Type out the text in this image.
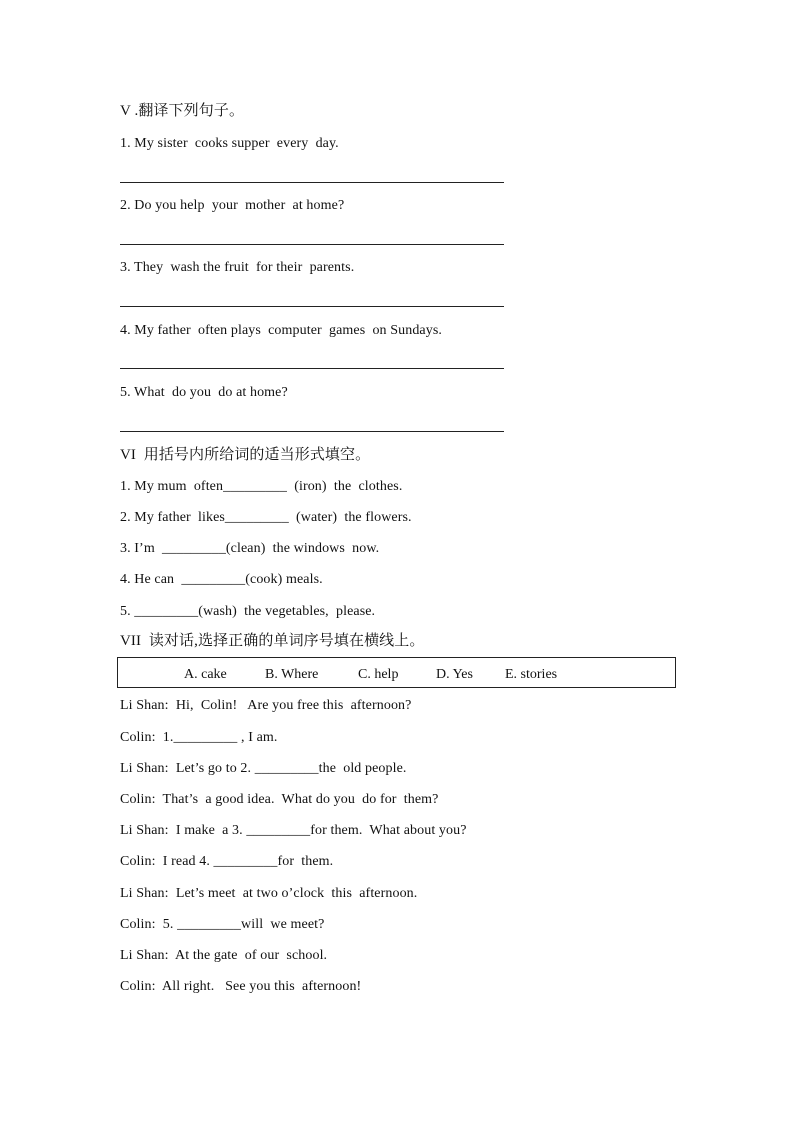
V .翻译下列句子。
1. My sister  cooks supper  every  day.
2. Do you help  your  mother  at home?
3. They  wash the fruit  for their  parents.
4. My father  often plays  computer  games  on Sundays.
5. What  do you  do at home?
VI  用括号内所给词的适当形式填空。
1. My mum  often_________  (iron)  the  clothes.
2. My father  likes_________  (water)  the flowers.
3. I’m  _________(clean)  the windows  now.
4. He can  _________(cook) meals.
5. _________(wash)  the vegetables,  please.
VII  读对话,选择正确的单词序号填在横线上。
A. cake	B. Where	C. help	D. Yes E. stories
Li Shan:  Hi,  Colin!   Are you free this  afternoon?
Colin:  1._________ , I am.
Li Shan:  Let’s go to 2. _________the  old people.
Colin:  That’s  a good idea.  What do you  do for  them?
Li Shan:  I make  a 3. _________for them.  What about you?
Colin:  I read 4. _________for  them.
Li Shan:  Let’s meet  at two o’clock  this  afternoon.
Colin:  5. _________will  we meet?
Li Shan:  At the gate  of our  school.
Colin:  All right.   See you this  afternoon!
